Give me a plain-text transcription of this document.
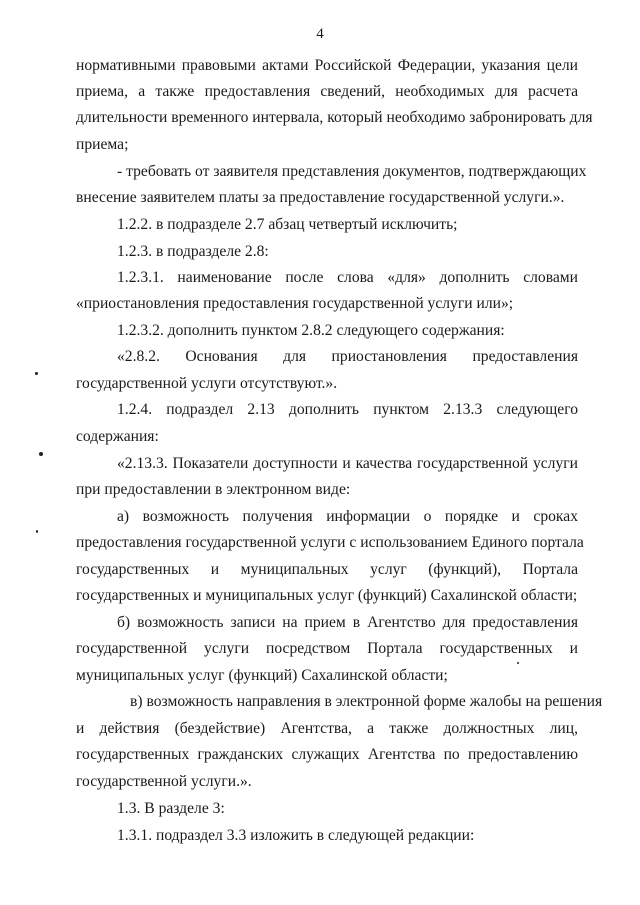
4
нормативными правовыми актами Российской Федерации, указания цели
приема, а также предоставления сведений, необходимых для расчета
длительности временного интервала, который необходимо забронировать для
приема;
- требовать от заявителя представления документов, подтверждающих
внесение заявителем платы за предоставление государственной услуги.».
1.2.2. в подразделе 2.7 абзац четвертый исключить;
1.2.3. в подразделе 2.8:
1.2.3.1. наименование после слова «для» дополнить словами
«приостановления предоставления государственной услуги или»;
1.2.3.2. дополнить пунктом 2.8.2 следующего содержания:
«2.8.2. Основания для приостановления предоставления
государственной услуги отсутствуют.».
1.2.4. подраздел 2.13 дополнить пунктом 2.13.3 следующего
содержания:
«2.13.3. Показатели доступности и качества государственной услуги
при предоставлении в электронном виде:
а) возможность получения информации о порядке и сроках
предоставления государственной услуги с использованием Единого портала
государственных и муниципальных услуг (функций), Портала
государственных и муниципальных услуг (функций) Сахалинской области;
б) возможность записи на прием в Агентство для предоставления
государственной услуги посредством Портала государственных и
муниципальных услуг (функций) Сахалинской области;
в) возможность направления в электронной форме жалобы на решения
и действия (бездействие) Агентства, а также должностных лиц,
государственных гражданских служащих Агентства по предоставлению
государственной услуги.».
1.3. В разделе 3:
1.3.1. подраздел 3.3 изложить в следующей редакции:
